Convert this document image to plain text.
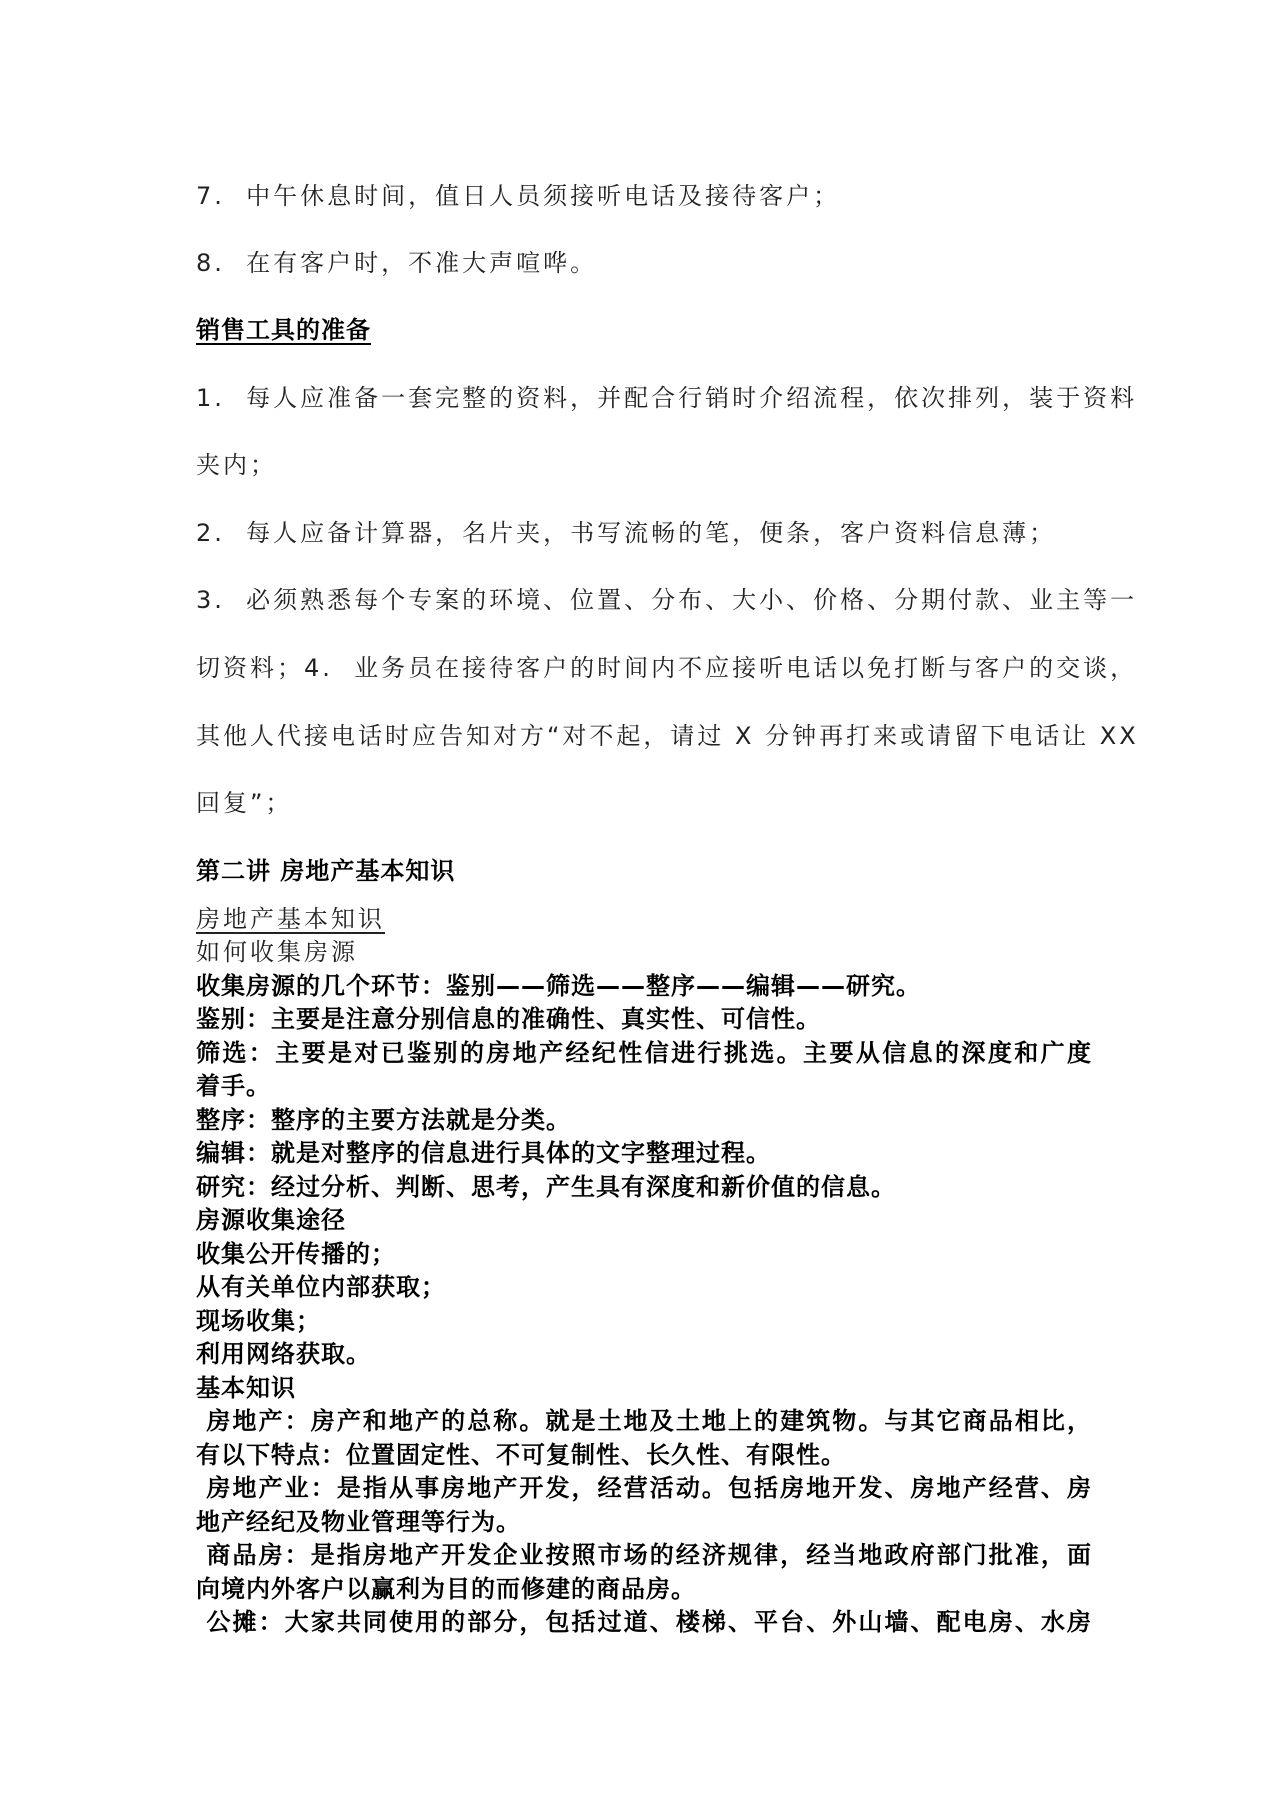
7.  中午休息时间，值日人员须接听电话及接待客户；
8.  在有客户时，不准大声喧哗。
销售工具的准备
1.  每人应准备一套完整的资料，并配合行销时介绍流程，依次排列，装于资料
夹内；
2.  每人应备计算器，名片夹，书写流畅的笔，便条，客户资料信息薄；
3.  必须熟悉每个专案的环境、位置、分布、大小、价格、分期付款、业主等一
切资料；4.  业务员在接待客户的时间内不应接听电话以免打断与客户的交谈，
其他人代接电话时应告知对方“对不起，请过 X 分钟再打来或请留下电话让 XX
回复”；
第二讲 房地产基本知识
房地产基本知识
如何收集房源
收集房源的几个环节：鉴别——筛选——整序——编辑——研究。
鉴别：主要是注意分别信息的准确性、真实性、可信性。
筛选：主要是对已鉴别的房地产经纪性信进行挑选。主要从信息的深度和广度
着手。
整序：整序的主要方法就是分类。
编辑：就是对整序的信息进行具体的文字整理过程。
研究：经过分析、判断、思考，产生具有深度和新价值的信息。
房源收集途径
收集公开传播的；
从有关单位内部获取；
现场收集；
利用网络获取。
基本知识
房地产：房产和地产的总称。就是土地及土地上的建筑物。与其它商品相比，
有以下特点：位置固定性、不可复制性、长久性、有限性。
房地产业：是指从事房地产开发，经营活动。包括房地开发、房地产经营、房
地产经纪及物业管理等行为。
商品房：是指房地产开发企业按照市场的经济规律，经当地政府部门批准，面
向境内外客户以赢利为目的而修建的商品房。
公摊：大家共同使用的部分，包括过道、楼梯、平台、外山墙、配电房、水房
